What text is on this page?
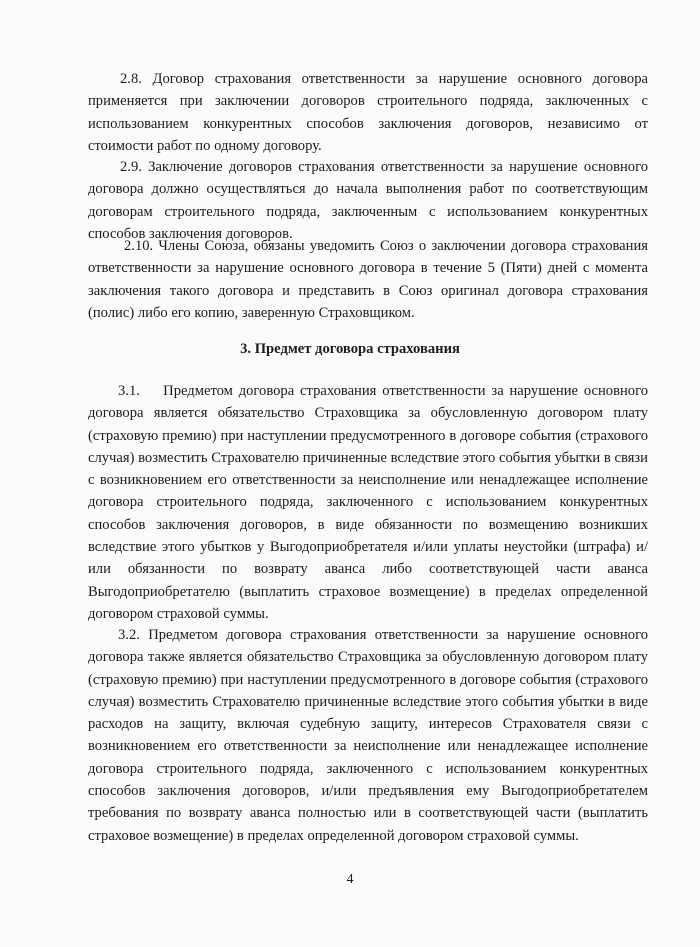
2.8. Договор страхования ответственности за нарушение основного договора применяется при заключении договоров строительного подряда, заключенных с использованием конкурентных способов заключения договоров, независимо от стоимости работ по одному договору.

2.9. Заключение договоров страхования ответственности за нарушение основного договора должно осуществляться до начала выполнения работ по соответствующим договорам строительного подряда, заключенным с использованием конкурентных способов заключения договоров.

2.10. Члены Союза, обязаны уведомить Союз о заключении договора страхования ответственности за нарушение основного договора в течение 5 (Пяти) дней с момента заключения такого договора и представить в Союз оригинал договора страхования (полис) либо его копию, заверенную Страховщиком.

3. Предмет договора страхования

3.1.    Предметом договора страхования ответственности за нарушение основного договора является обязательство Страховщика за обусловленную договором плату (страховую премию) при наступлении предусмотренного в договоре события (страхового случая) возместить Страхователю причиненные вследствие этого события убытки в связи с возникновением его ответственности за неисполнение или ненадлежащее исполнение договора строительного подряда, заключенного с использованием конкурентных способов заключения договоров, в виде обязанности по возмещению возникших вследствие этого убытков у Выгодоприобретателя и/или уплаты неустойки (штрафа) и/или обязанности по возврату аванса либо соответствующей части аванса Выгодоприобретателю (выплатить страховое возмещение) в пределах определенной договором страховой суммы.

3.2. Предметом договора страхования ответственности за нарушение основного договора также является обязательство Страховщика за обусловленную договором плату (страховую премию) при наступлении предусмотренного в договоре события (страхового случая) возместить Страхователю причиненные вследствие этого события убытки в виде расходов на защиту, включая судебную защиту, интересов Страхователя связи с возникновением его ответственности за неисполнение или ненадлежащее исполнение договора строительного подряда, заключенного с использованием конкурентных способов заключения договоров, и/или предъявления ему Выгодоприобретателем требования по возврату аванса полностью или в соответствующей части (выплатить страховое возмещение) в пределах определенной договором страховой суммы.

4
